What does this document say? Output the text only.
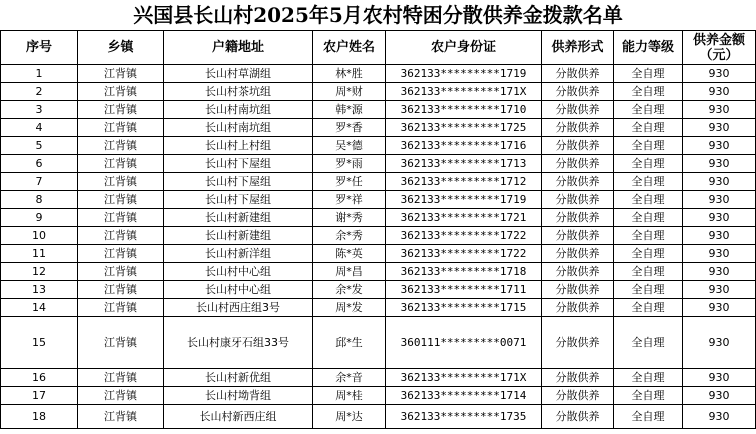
兴国县长山村2025年5月农村特困分散供养金拨款名单
序号	乡镇	户籍地址	农户姓名	农户身份证	供养形式	能力等级	供养金额
（元）

1	江背镇	长山村草湖组	林*胜	362133*********1719	分散供养	全自理	930
2	江背镇	长山村茶坑组	周*财	362133*********171X	分散供养	全自理	930
3	江背镇	长山村南坑组	韩*源	362133*********1710	分散供养	全自理	930
4	江背镇	长山村南坑组	罗*香	362133*********1725	分散供养	全自理	930
5	江背镇	长山村上村组	吴*德	362133*********1716	分散供养	全自理	930
6	江背镇	长山村下屋组	罗*雨	362133*********1713	分散供养	全自理	930
7	江背镇	长山村下屋组	罗*任	362133*********1712	分散供养	全自理	930
8	江背镇	长山村下屋组	罗*祥	362133*********1719	分散供养	全自理	930
9	江背镇	长山村新建组	谢*秀	362133*********1721	分散供养	全自理	930
10	江背镇	长山村新建组	余*秀	362133*********1722	分散供养	全自理	930
11	江背镇	长山村新洋组	陈*英	362133*********1722	分散供养	全自理	930
12	江背镇	长山村中心组	周*昌	362133*********1718	分散供养	全自理	930
13	江背镇	长山村中心组	余*发	362133*********1711	分散供养	全自理	930
14	江背镇	长山村西庄组3号	周*发	362133*********1715	分散供养	全自理	930
15	江背镇	长山村康牙石组33号	邱*生	360111*********0071	分散供养	全自理	930
16	江背镇	长山村新优组	余*音	362133*********171X	分散供养	全自理	930
17	江背镇	长山村坳背组	周*桂	362133*********1714	分散供养	全自理	930
18	江背镇	长山村新西庄组	周*达	362133*********1735	分散供养	全自理	930
